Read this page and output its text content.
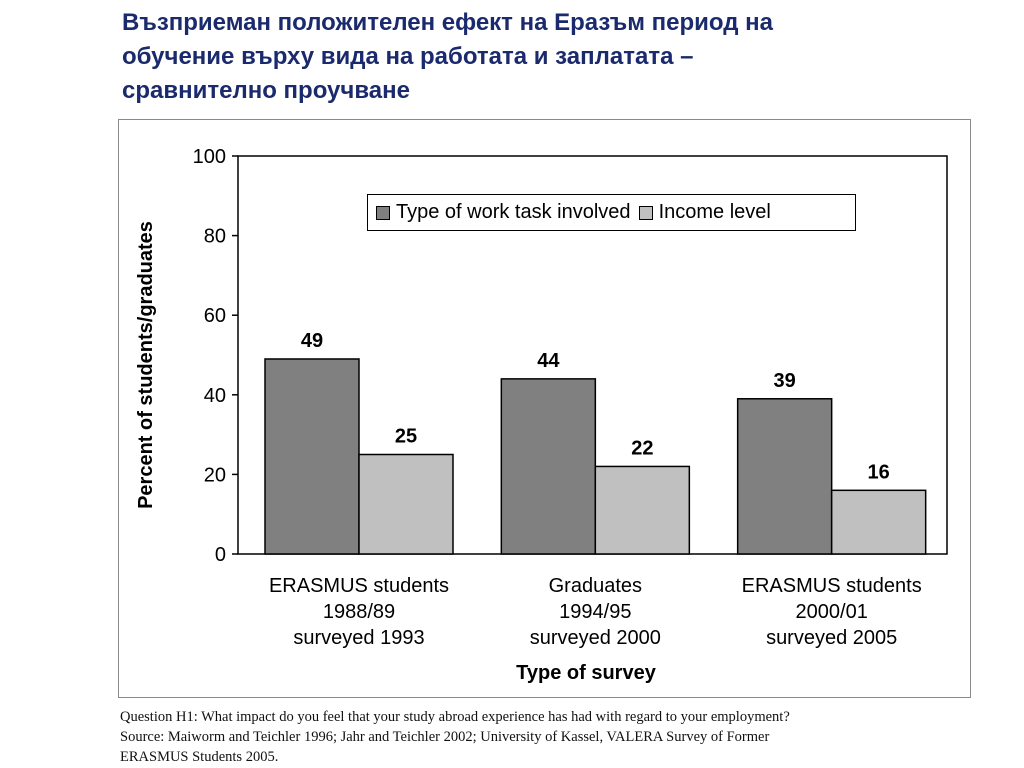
Възприеман положителен ефект на Еразъм период на
обучение върху вида на работата и заплатата –
сравнително проучване
0
20
40
60
80
100
Percent of students/graduates	49
25
ERASMUS students
1988/89
surveyed 1993
44
22
Graduates
1994/95
surveyed 2000
39
16
ERASMUS students
2000/01
surveyed 2005
Type of survey
Type of work task involved Income level
Question H1: What impact do you feel that your study abroad experience has had with regard to your employment?
Source: Maiworm and Teichler 1996; Jahr and Teichler 2002; University of Kassel, VALERA Survey of Former
ERASMUS Students 2005.
